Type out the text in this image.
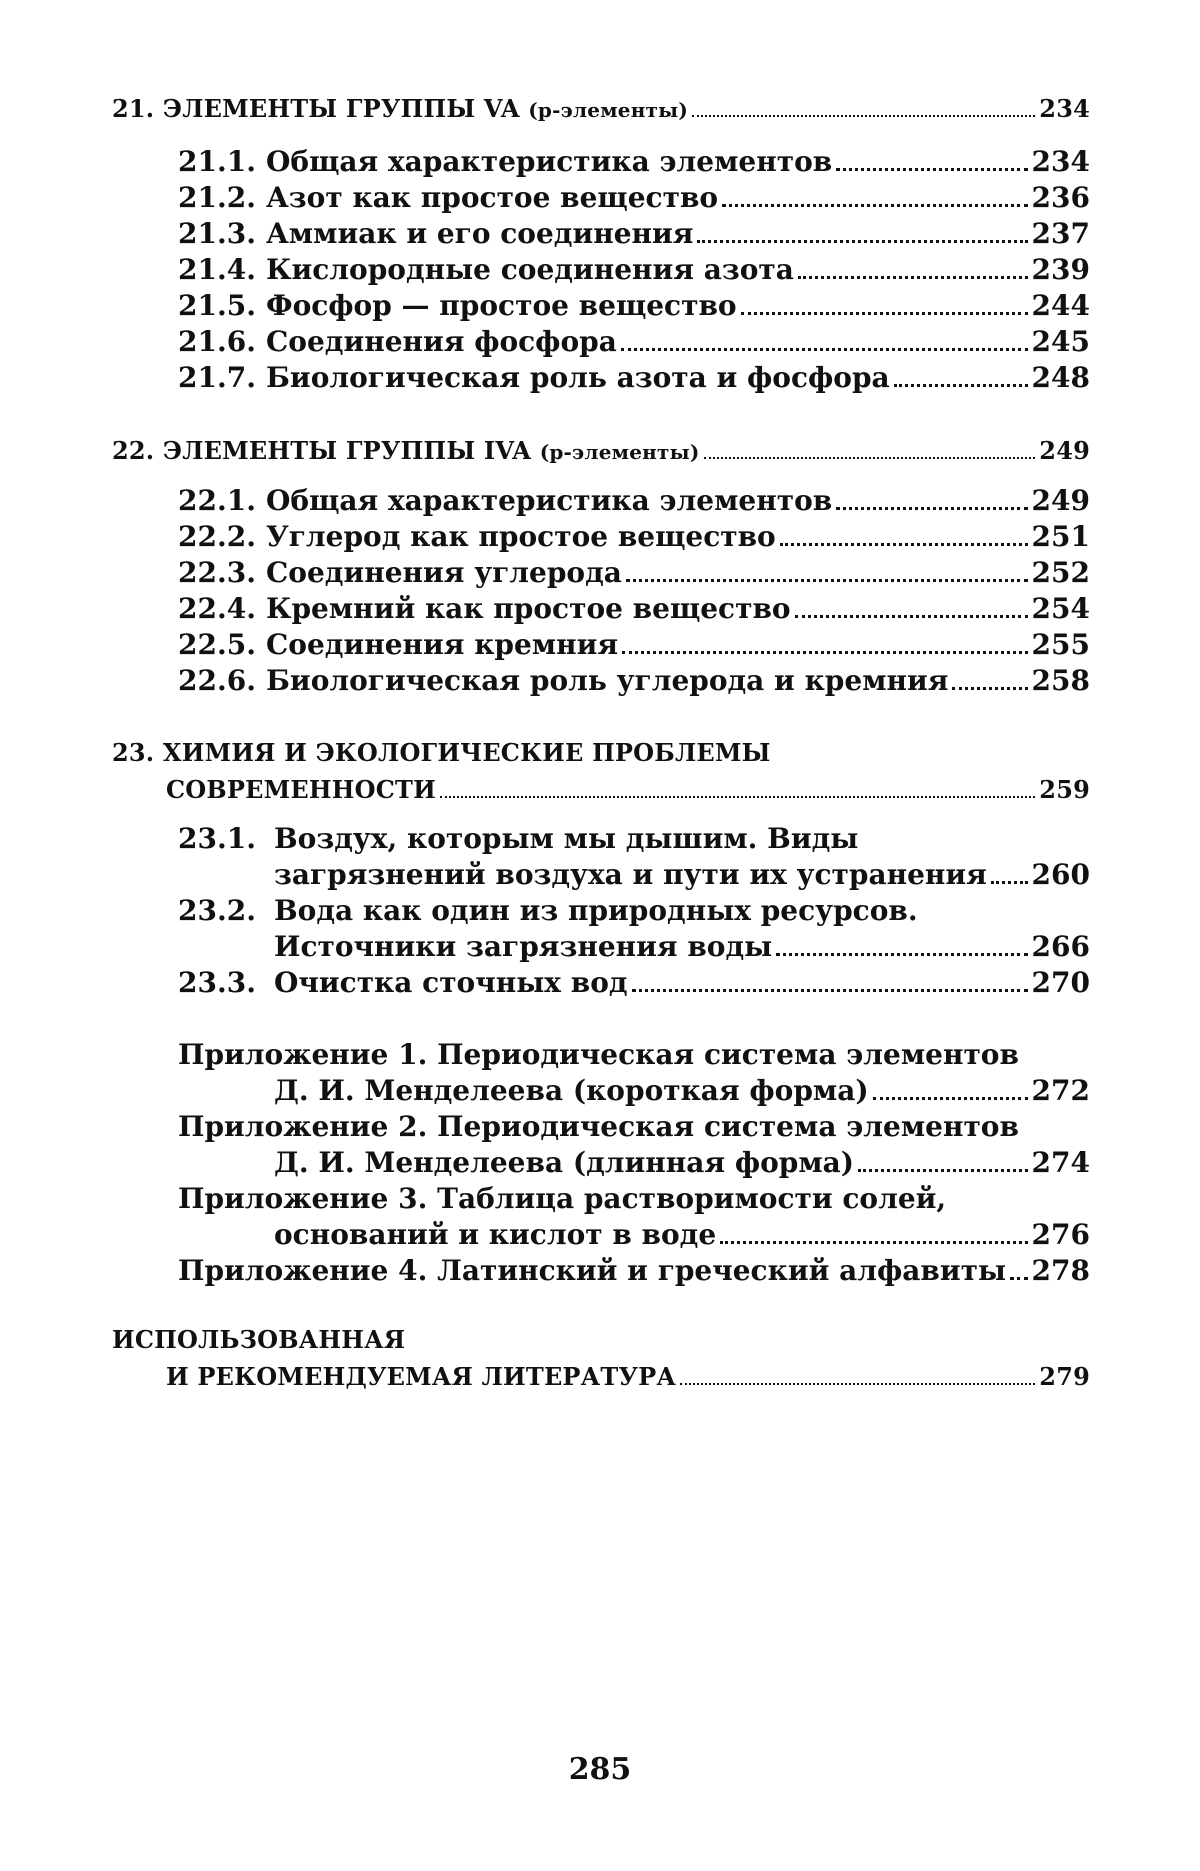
21. ЭЛЕМЕНТЫ ГРУППЫ VA
(p-элементы)	234
21.1. Общая характеристика элементов	234
21.2. Азот как простое вещество	236
21.3. Аммиак и его соединения	237
21.4. Кислородные соединения азота	239
21.5. Фосфор — простое вещество	244
21.6. Соединения фосфора	245
21.7. Биологическая роль азота и фосфора	248
22. ЭЛЕМЕНТЫ ГРУППЫ IVA
(p-элементы)	249
22.1. Общая характеристика элементов	249
22.2. Углерод как простое вещество	251
22.3. Соединения углерода	252
22.4. Кремний как простое вещество	254
22.5. Соединения кремния	255
22.6. Биологическая роль углерода и кремния	258
23. ХИМИЯ И ЭКОЛОГИЧЕСКИЕ ПРОБЛЕМЫ
СОВРЕМЕННОСТИ	259
23.1. Воздух, которым мы дышим. Виды
загрязнений воздуха и пути их устранения 260
23.2. Вода как один из природных ресурсов.
Источники загрязнения воды	266
23.3. Очистка сточных вод	270
Приложение 1. Периодическая система элементов
Д. И. Менделеева (короткая форма)	272
Приложение 2. Периодическая система элементов
Д. И. Менделеева (длинная форма)	274
Приложение 3. Таблица растворимости солей,
оснований и кислот в воде	276
Приложение 4.
Латинский и греческий алфавиты 278
ИСПОЛЬЗОВАННАЯ
И РЕКОМЕНДУЕМАЯ ЛИТЕРАТУРА	279
285
